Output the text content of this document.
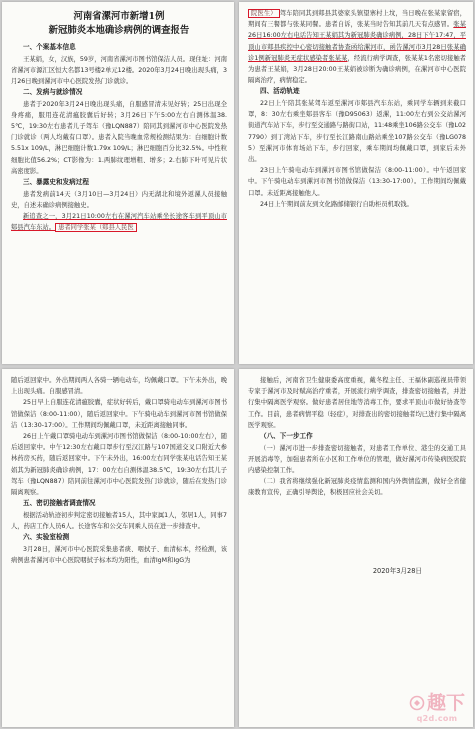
河南省漯河市新增1例
新冠肺炎本地确诊病例的调查报告

一、个案基本信息

王某娟，女，汉族，59岁，河南省漯河市图书馆保洁人员。现住址：河南省漯河市源汇区恒大名都13号楼2单元12楼。2020年3月24日晚出现头痛，3月26日晚到漯河市中心医院发热门诊就诊。

二、发病与就诊情况

患者于2020年3月24日晚出现头痛，自服感冒清未见好转；25日出现全身疼痛，服用连花清瘟胶囊后好转；3月26日下午5:00左右自测体温38.5℃，19:30左右患者儿子驾车（豫LQN887）陪同其到漯河市中心医院发热门诊就诊（两人均戴有口罩）。患者入院当晚血常规检测结果为：白细胞计数5.51x 109/L，淋巴细胞计数1.79x 109/L；淋巴细胞百分比32.5%。中性粒细胞比值56.2%；CT影像为：1.两肺纹理增粗、增多；2.右肺下叶可见片状高密度影。

三、暴露史和发病过程

患者发病前14天（3月10日—3月24日）内无湖北和境外返漯人员接触史，自述未确诊病例接触史。

新追查之一，3月21日10:00左右在漯河汽车站乘坐长途客车到平顶山市郏县汽车东站。 患者同学张某（郏县人民医

院医生） 驾车陪同其到郏县其婆家头镇望寨村上坟，当日晚在张某家留宿，期间有三餐都与张某同餐。患者自诉，张某当时告知其前几天有点感冒。张某26日16:00左右电话告知王某娟其为新冠肺炎确诊病例，28日下午17:47，平顶山市郏县疾控中心密切接触者协查函给漯河市，函告漯河市3月28日张某确诊1例新冠肺炎无症状感染者张某某，经流行病学调查，张某某1名密切接触者为患者王某娟，3月28日20:00王某娟被诊断为确诊病例，在漯河市中心医院隔离治疗，病情稳定。

四、活动轨迹

22日上午陪其张某驾车返至漯河市郏县汽车东站，乘同学车辆到来截口罩，8：30左右乘坐郏县客车（豫D95063）返漯，11:00左右到公交站漯河街道汽车站下车，步行至交通路与路街口站，11:48乘坐106路公交车（豫L027790）到丁湾站下车，步行至长江路南山路站乘坐107路公交车（豫LG0785）至漯河市体育场站下车，步行回家，乘车期间均佩戴口罩，到家后未外出。

23日上午骑电动车到漯河市图书馆做保洁（8:00-11:00）。中午返回家中。下午骑电动车到漯河市图书馆做保洁（13:30-17:00）。工作期间均佩戴口罩。未近距离接触他人。

24日上午期间前友到文化路邮储银行自助柜员机取钱。

随后返回家中。外出期间两人各骑一辆电动车，均佩戴口罩。下午未外出，晚上出现头痛。自服感冒清。

25日早上自服连花清瘟胶囊，症状好转后，戴口罩骑电动车到漯河市图书馆做保洁（8:00-11:00），随后返回家中。下午骑电动车到漯河市图书馆做保洁（13:30-17:00）。工作期间均佩戴口罩，未近距离接触同事。

26日上午戴口罩骑电动车到漯河市图书馆做保洁（8:00-10:00左右），随后返回家中。中午12:30左右戴口罩步行至汉江路与107国道交叉口附近大参林药房买药，随后返回家中。下午未外出，16:00左右同学张某电话告知王某娟其为新冠肺炎确诊病例，17：00左右自测体温38.5℃，19:30左右其儿子驾车（豫LQN887）陪同前往漯河市中心医院发热门诊就诊，随后在发热门诊隔离观察。

五、密切接触者调查情况

根据活动轨迹初步判定密切接触者15人，其中家属1人，邻居1人，同事7人，药店工作人员6人。长途客车和公交车同乘人员在进一步排查中。

六、实验室检测

3月28日，漯河市中心医院采集患者痰、咽拭子、血清标本，经检测，该病例患者漯河市中心医院咽拭子标本均为阳性，血清IgM和IgG为

接触后，河南省卫生健康委高度重视，戴冬程主任、王福休副巡视员带领专家于漯河市及时赋高治疗重者，开展流行病学调查，排查密切接触者，并进行集中隔离医学观察。做好患者居住地等消毒工作，要求平顶山市做好协查等工作。目前，患者病情平稳（轻症），对排查出的密切接触者均已进行集中隔离医学观察。

（八、下一步工作

（一）漯河市进一步排查密切接触者，对患者工作单位、港尘的交通工具开展消毒等，加强患者所在小区和工作单位的管理，做好漯河市传染病医院院内感染控制工作。

（二）我省将继续强化新冠肺炎疫情监测和国内外舆情监测，做好全省健康教育宣传，正确引导舆论，积极回应社会关切。

2020年3月28日
趣下
q2d.com
